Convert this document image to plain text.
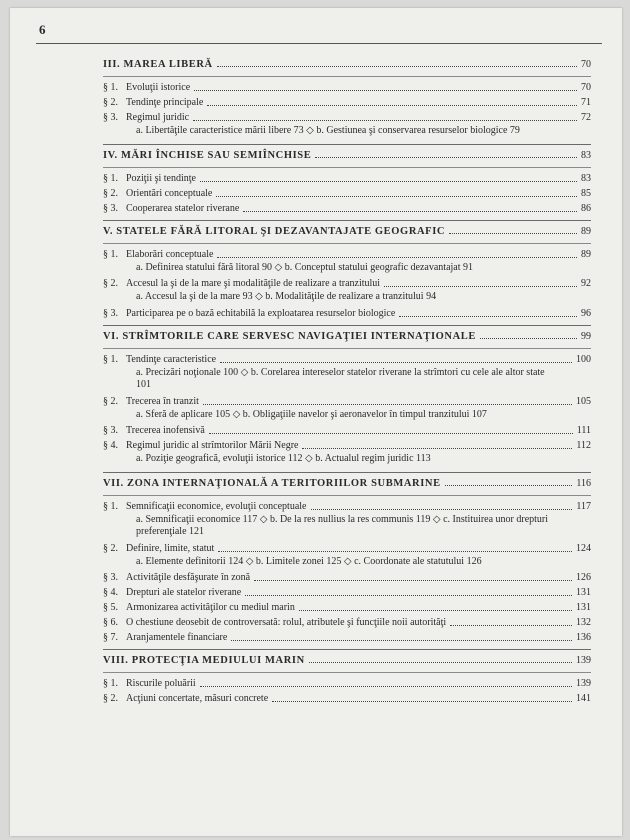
6
III. MAREA LIBERĂ	70
§ 1. Evoluţii istorice	70
§ 2. Tendinţe principale	71
§ 3. Regimul juridic	72
a. Libertăţile caracteristice mării libere 73 ◇ b. Gestiunea şi conservarea resurselor biologice 79
IV. MĂRI ÎNCHISE SAU SEMIÎNCHISE	83
§ 1. Poziţii şi tendinţe	83
§ 2. Orientări conceptuale	85
§ 3. Cooperarea statelor riverane	86
V. STATELE FĂRĂ LITORAL ŞI DEZAVANTAJATE GEOGRAFIC	89
§ 1. Elaborări conceptuale	89
a. Definirea statului fără litoral 90 ◇ b. Conceptul statului geografic dezavantajat 91
§ 2. Accesul la şi de la mare şi modalităţile de realizare a tranzitului	92
a. Accesul la şi de la mare 93 ◇ b. Modalităţile de realizare a tranzitului 94
§ 3. Participarea pe o bază echitabilă la exploatarea resurselor biologice	96
VI. STRÎMTORILE CARE SERVESC NAVIGAŢIEI INTERNAŢIONALE	99
§ 1. Tendinţe caracteristice	100
a. Precizări noţionale 100 ◇ b. Corelarea intereselor statelor riverane la strîmtori cu cele ale altor state 101
§ 2. Trecerea în tranzit	105
a. Sferă de aplicare 105 ◇ b. Obligaţiile navelor şi aeronavelor în timpul tranzitului 107
§ 3. Trecerea inofensivă	111
§ 4. Regimul juridic al strîmtorilor Mării Negre	112
a. Poziţie geografică, evoluţii istorice 112 ◇ b. Actualul regim juridic 113
VII. ZONA INTERNAŢIONALĂ A TERITORIILOR SUBMARINE	116
§ 1. Semnificaţii economice, evoluţii conceptuale	117
a. Semnificaţii economice 117 ◇ b. De la res nullius la res communis 119 ◇ c. Instituirea unor drepturi preferenţiale 121
§ 2. Definire, limite, statut	124
a. Elemente definitorii 124 ◇ b. Limitele zonei 125 ◇ c. Coordonate ale statutului 126
§ 3. Activităţile desfăşurate în zonă	126
§ 4. Drepturi ale statelor riverane	131
§ 5. Armonizarea activităţilor cu mediul marin	131
§ 6. O chestiune deosebit de controversată: rolul, atributele şi funcţiile noii autorităţi	132
§ 7. Aranjamentele financiare	136
VIII. PROTECŢIA MEDIULUI MARIN	139
§ 1. Riscurile poluării	139
§ 2. Acţiuni concertate, măsuri concrete	141
